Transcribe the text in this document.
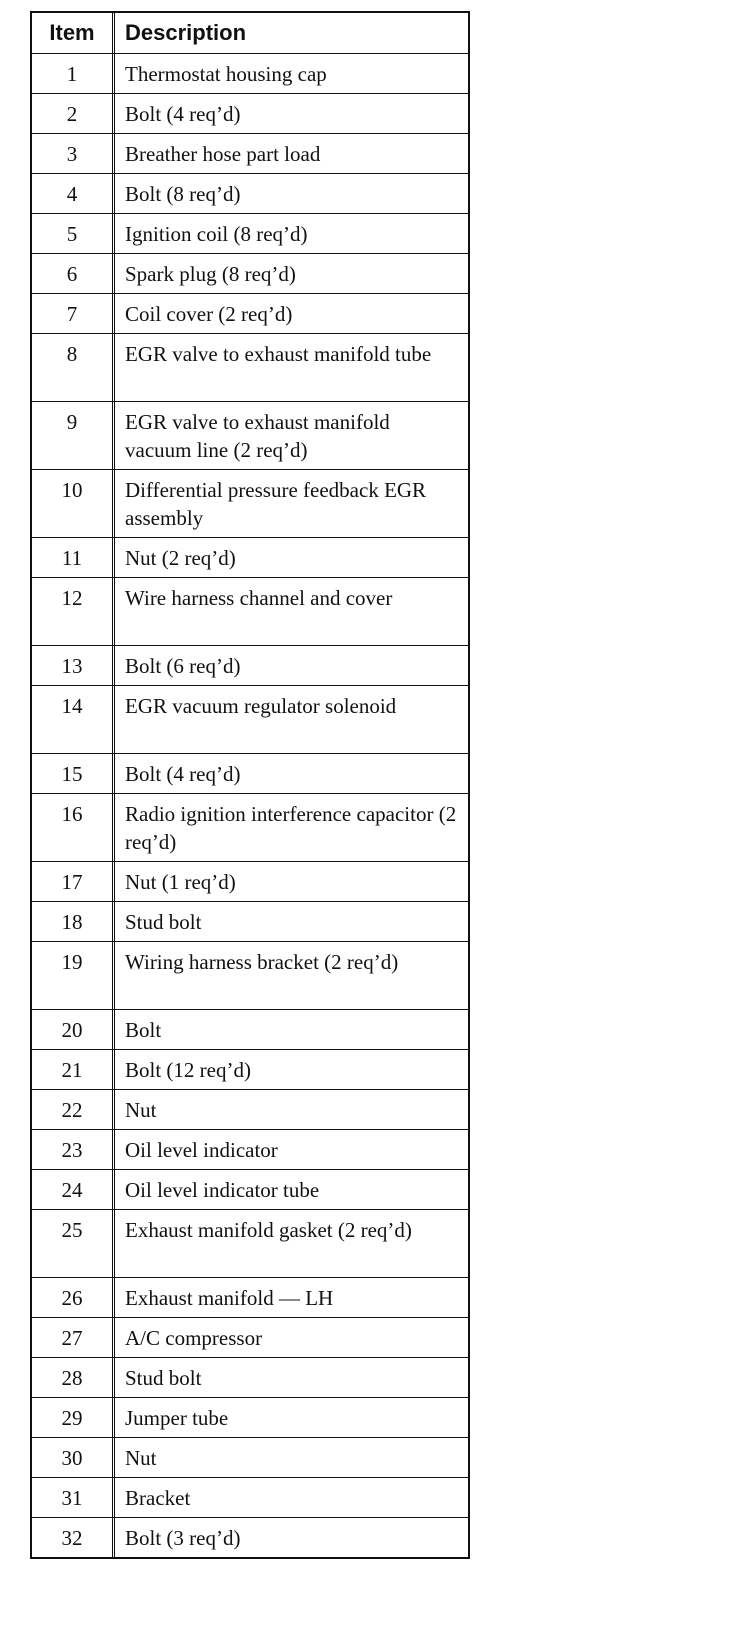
Item	Description
1	Thermostat housing cap
2	Bolt (4 req’d)
3	Breather hose part load
4	Bolt (8 req’d)
5	Ignition coil (8 req’d)
6	Spark plug (8 req’d)
7	Coil cover (2 req’d)
8	EGR valve to exhaust manifold tube
9	EGR valve to exhaust manifold vacuum line (2 req’d)
10	Differential pressure feedback EGR assembly
11	Nut (2 req’d)
12	Wire harness channel and cover
13	Bolt (6 req’d)
14	EGR vacuum regulator solenoid
15	Bolt (4 req’d)
16	Radio ignition interference capacitor (2 req’d)
17	Nut (1 req’d)
18	Stud bolt
19	Wiring harness bracket (2 req’d)
20	Bolt
21	Bolt (12 req’d)
22	Nut
23	Oil level indicator
24	Oil level indicator tube
25	Exhaust manifold gasket (2 req’d)
26	Exhaust manifold — LH
27	A/C compressor
28	Stud bolt
29	Jumper tube
30	Nut
31	Bracket
32	Bolt (3 req’d)
